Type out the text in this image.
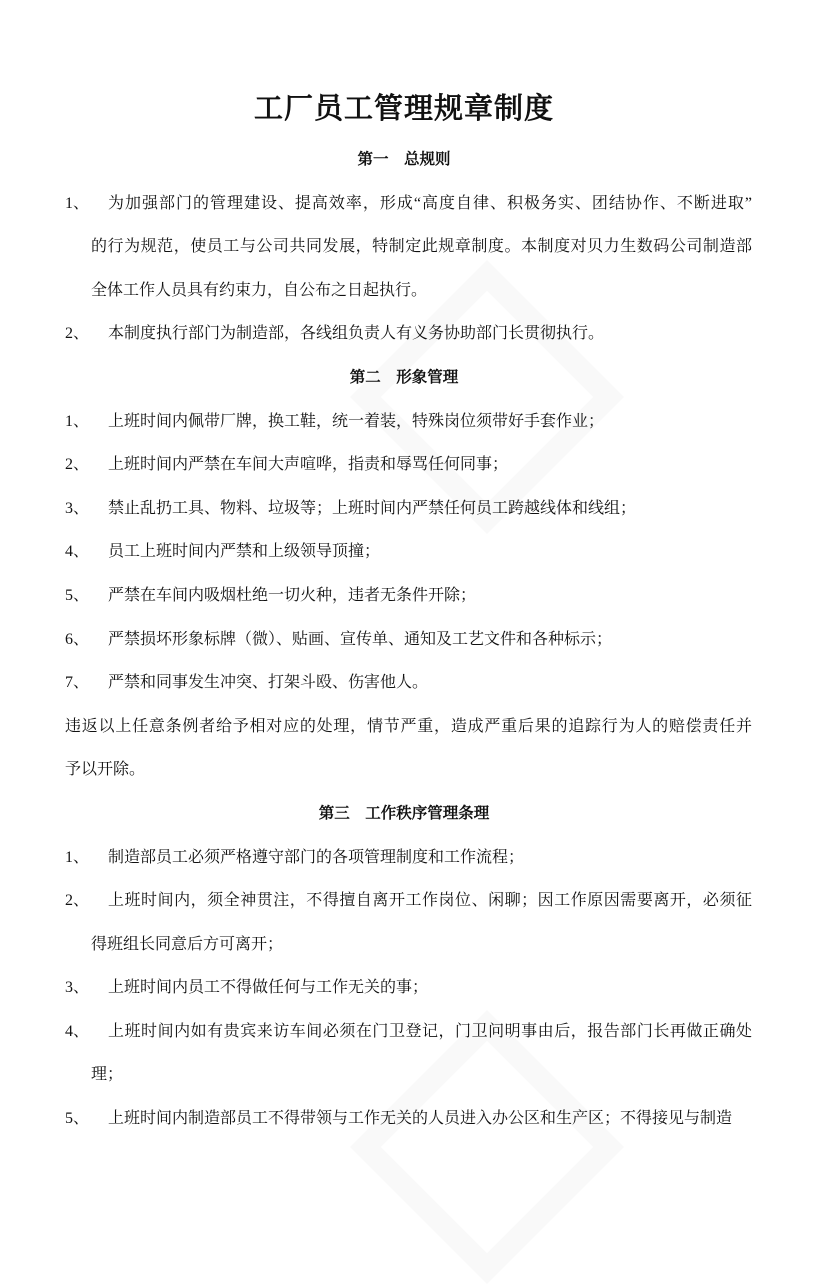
工厂员工管理规章制度
第一　总规则
1、 为加强部门的管理建设、提高效率，形成“高度自律、积极务实、团结协作、不断进取”
的行为规范，使员工与公司共同发展，特制定此规章制度。本制度对贝力生数码公司制造部
全体工作人员具有约束力，自公布之日起执行。
2、 本制度执行部门为制造部，各线组负责人有义务协助部门长贯彻执行。
第二　形象管理
1、 上班时间内佩带厂牌，换工鞋，统一着装，特殊岗位须带好手套作业；
2、 上班时间内严禁在车间大声喧哗，指责和辱骂任何同事；
3、 禁止乱扔工具、物料、垃圾等；上班时间内严禁任何员工跨越线体和线组；
4、 员工上班时间内严禁和上级领导顶撞；
5、 严禁在车间内吸烟杜绝一切火种，违者无条件开除；
6、 严禁损坏形象标牌（微）、贴画、宣传单、通知及工艺文件和各种标示；
7、 严禁和同事发生冲突、打架斗殴、伤害他人。
违返以上任意条例者给予相对应的处理，情节严重，造成严重后果的追踪行为人的赔偿责任并
予以开除。
第三　工作秩序管理条理
1、 制造部员工必须严格遵守部门的各项管理制度和工作流程；
2、 上班时间内，须全神贯注，不得擅自离开工作岗位、闲聊；因工作原因需要离开，必须征
得班组长同意后方可离开；
3、 上班时间内员工不得做任何与工作无关的事；
4、 上班时间内如有贵宾来访车间必须在门卫登记，门卫问明事由后，报告部门长再做正确处
理；
5、 上班时间内制造部员工不得带领与工作无关的人员进入办公区和生产区；不得接见与制造
